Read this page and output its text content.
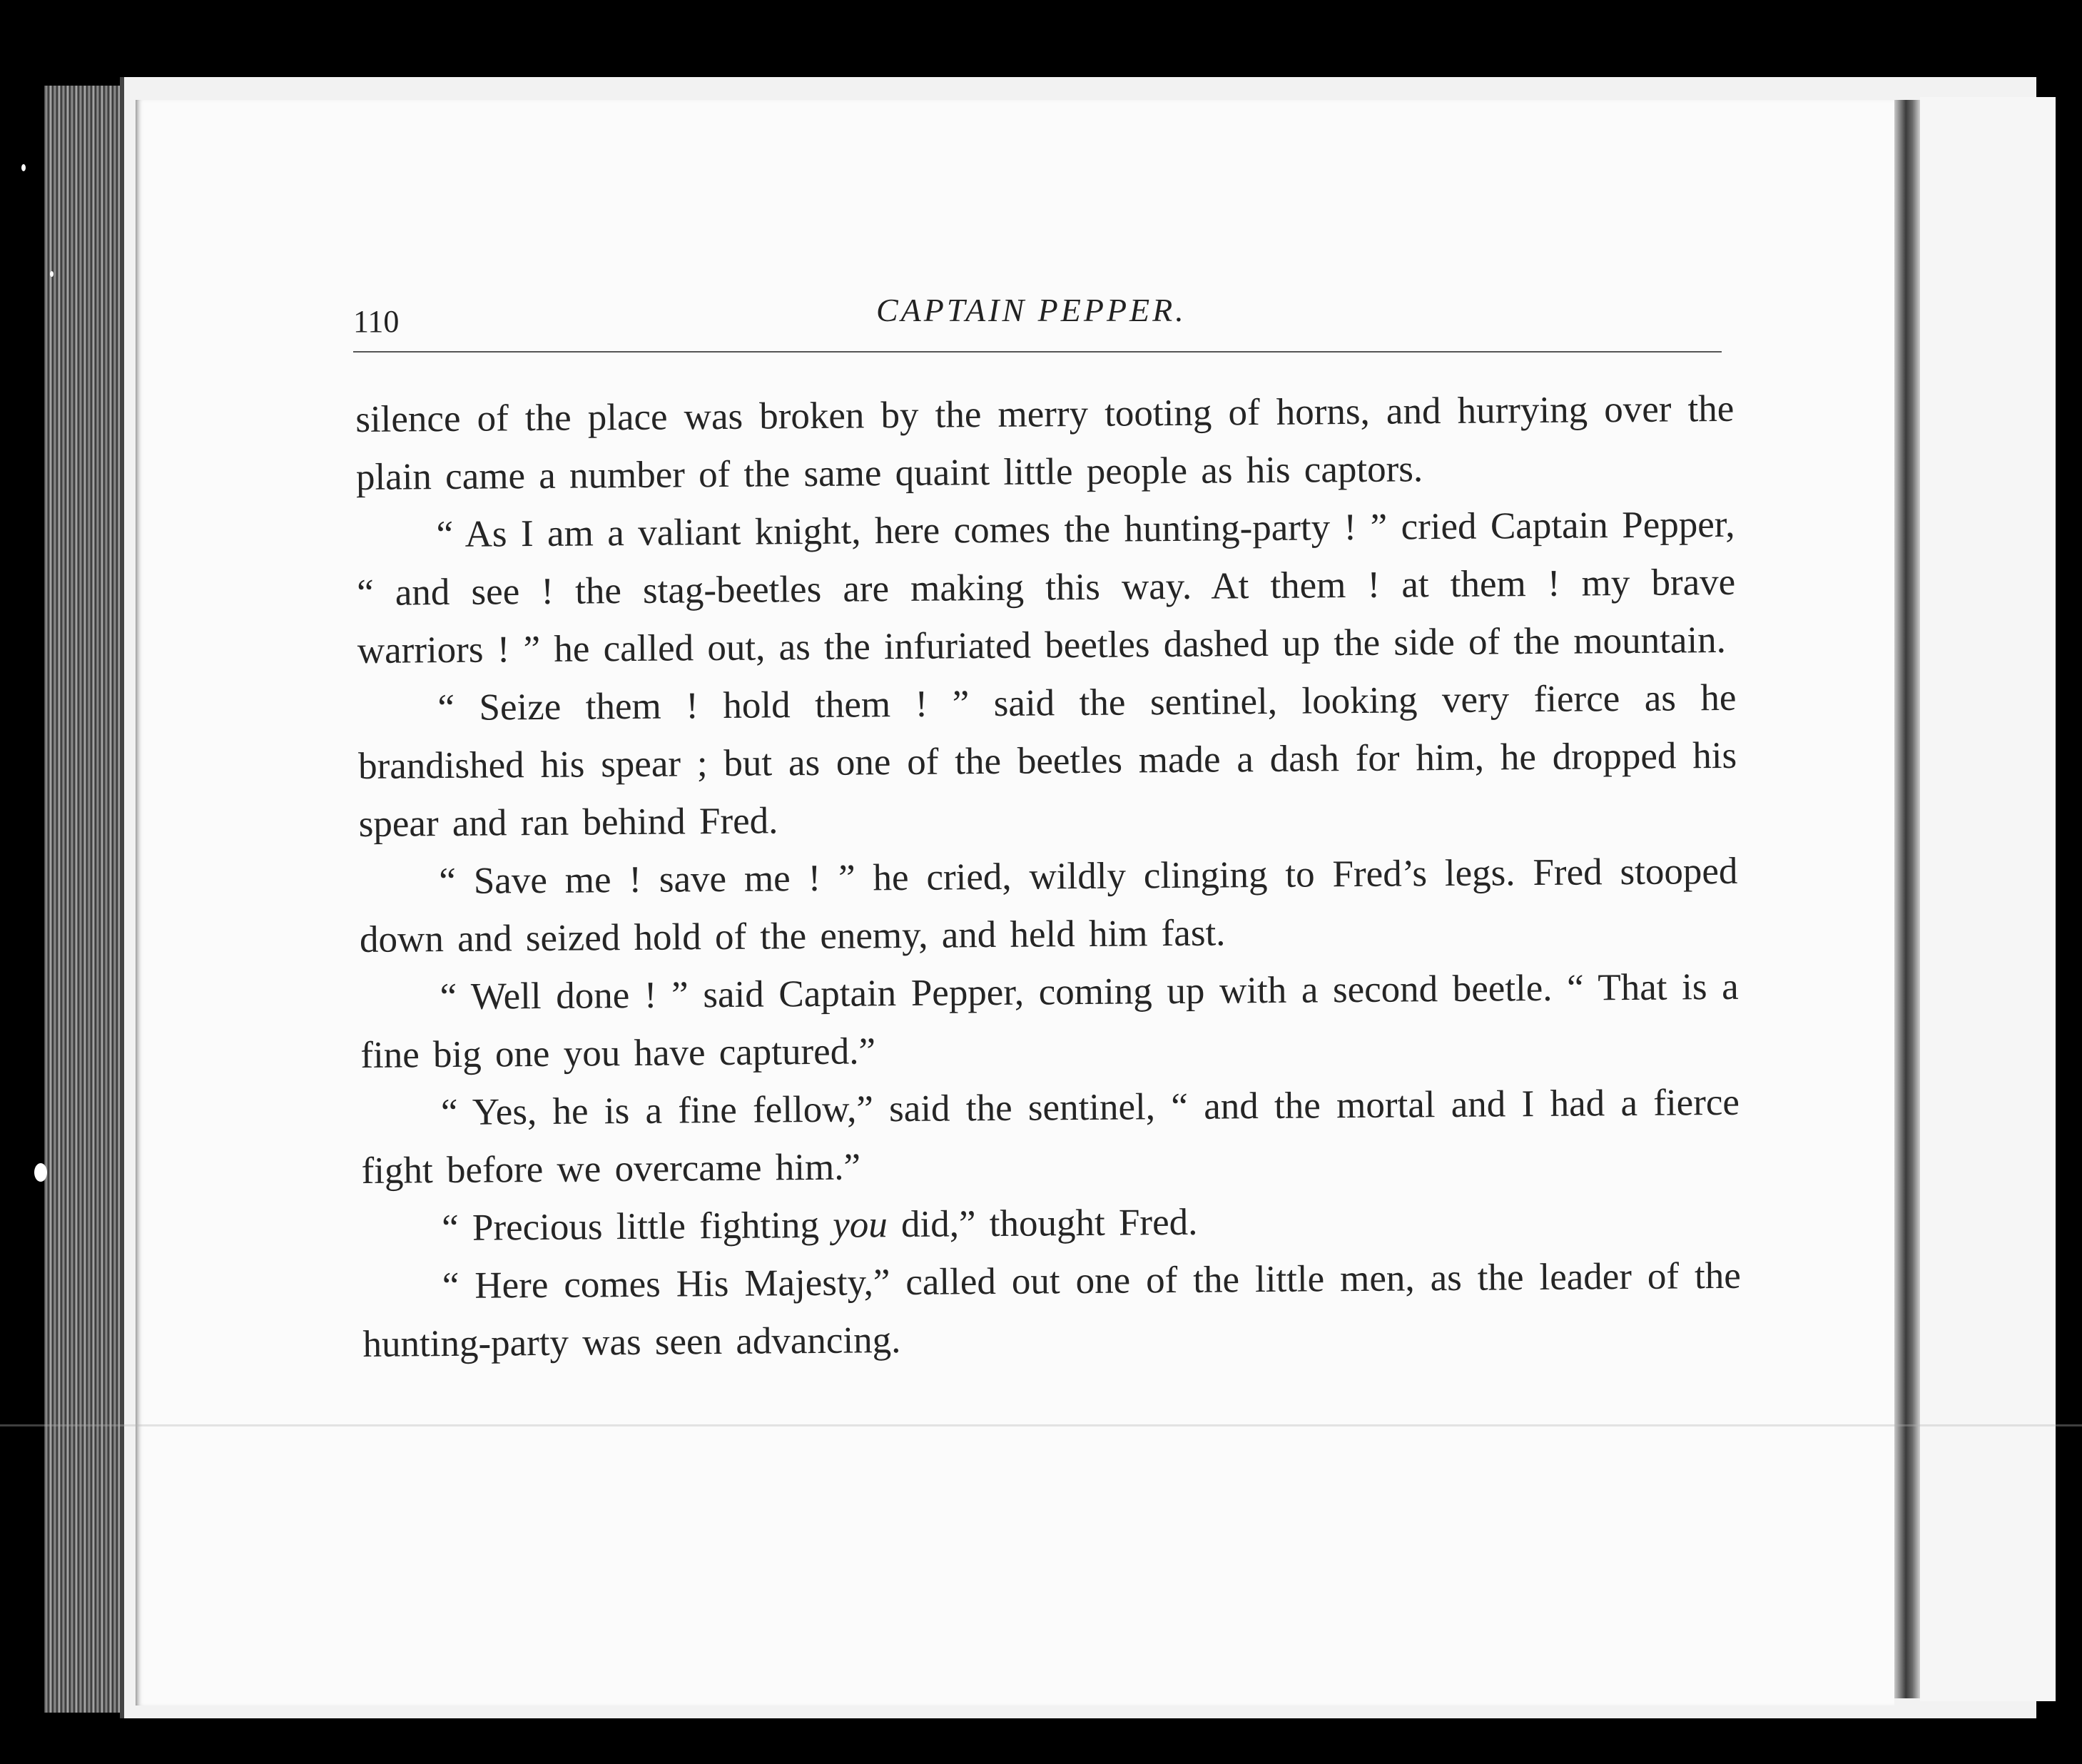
110	CAPTAIN PEPPER.

silence of the place was broken by the merry tooting of horns, and hurrying over the plain came a number of the same quaint little people as his captors.

“ As I am a valiant knight, here comes the hunting-party ! ” cried Captain Pepper, “ and see ! the stag-beetles are making this way. At them ! at them ! my brave warriors ! ” he called out, as the infuriated beetles dashed up the side of the mountain.

“ Seize them ! hold them ! ” said the sentinel, looking very fierce as he brandished his spear ; but as one of the beetles made a dash for him, he dropped his spear and ran behind Fred.

“ Save me ! save me ! ” he cried, wildly clinging to Fred’s legs. Fred stooped down and seized hold of the enemy, and held him fast.

“ Well done ! ” said Captain Pepper, coming up with a second beetle. “ That is a fine big one you have captured.”

“ Yes, he is a fine fellow,” said the sentinel, “ and the mortal and I had a fierce fight before we overcame him.”

“ Precious little fighting you did,” thought Fred.

“ Here comes His Majesty,” called out one of the little men, as the leader of the hunting-party was seen advancing.
